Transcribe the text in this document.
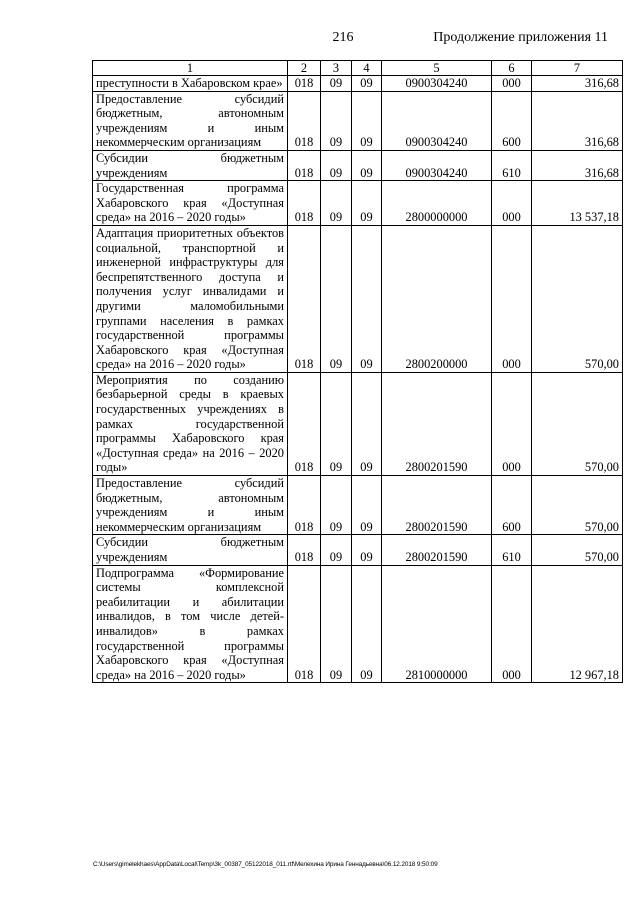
216	Продолжение приложения 11
1	2	3	4	5	6	7
преступности в Хабаровском крае»	018	09	09	0900304240	000	316,68
Предоставление субсидий бюджетным, автономным учреждениям и иным некоммерческим организациям	018	09	09	0900304240	600	316,68
Субсидии бюджетным учреждениям	018	09	09	0900304240	610	316,68
Государственная программа Хабаровского края «Доступная среда» на 2016 – 2020 годы»	018	09	09	2800000000	000	13 537,18
Адаптация приоритетных объектов социальной, транспортной и инженерной инфраструктуры для беспрепятственного доступа и получения услуг инвалидами и другими маломобильными группами населения в рамках государственной программы Хабаровского края «Доступная среда» на 2016 – 2020 годы»	018	09	09	2800200000	000	570,00
Мероприятия по созданию безбарьерной среды в краевых государственных учреждениях в рамках государственной программы Хабаровского края «Доступная среда» на 2016 – 2020 годы»	018	09	09	2800201590	000	570,00
Предоставление субсидий бюджетным, автономным учреждениям и иным некоммерческим организациям	018	09	09	2800201590	600	570,00
Субсидии бюджетным учреждениям	018	09	09	2800201590	610	570,00
Подпрограмма «Формирование системы комплексной реабилитации и абилитации инвалидов, в том числе детей-инвалидов» в рамках государственной программы Хабаровского края «Доступная среда» на 2016 – 2020 годы»	018	09	09	2810000000	000	12 967,18
C:\Users\gimelekhaes\AppData\Local\Temp\3k_00387_05122018_011.rtf\Мелехина Ирина Геннадьевна\06.12.2018 9:50:09
